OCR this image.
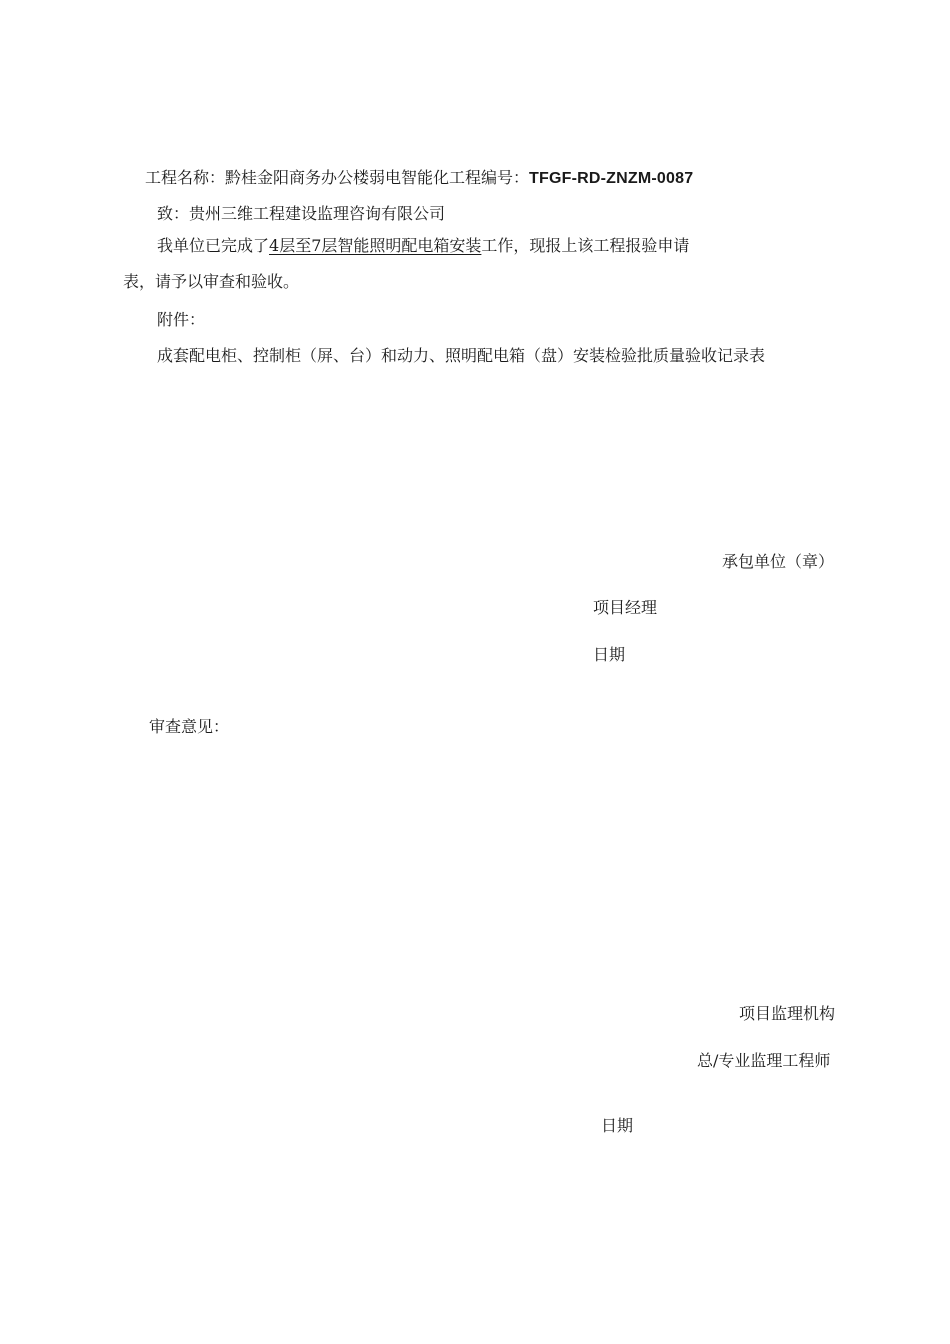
工程名称：黔桂金阳商务办公楼弱电智能化工程编号：TFGF-RD-ZNZM-0087
致：贵州三维工程建设监理咨询有限公司
我单位已完成了4层至7层智能照明配电箱安装工作，现报上该工程报验申请
表，请予以审查和验收。
附件：
成套配电柜、控制柜（屏、台）和动力、照明配电箱（盘）安装检验批质量验收记录表
承包单位（章）
项目经理
日期
审查意见：
项目监理机构
总/专业监理工程师
日期
